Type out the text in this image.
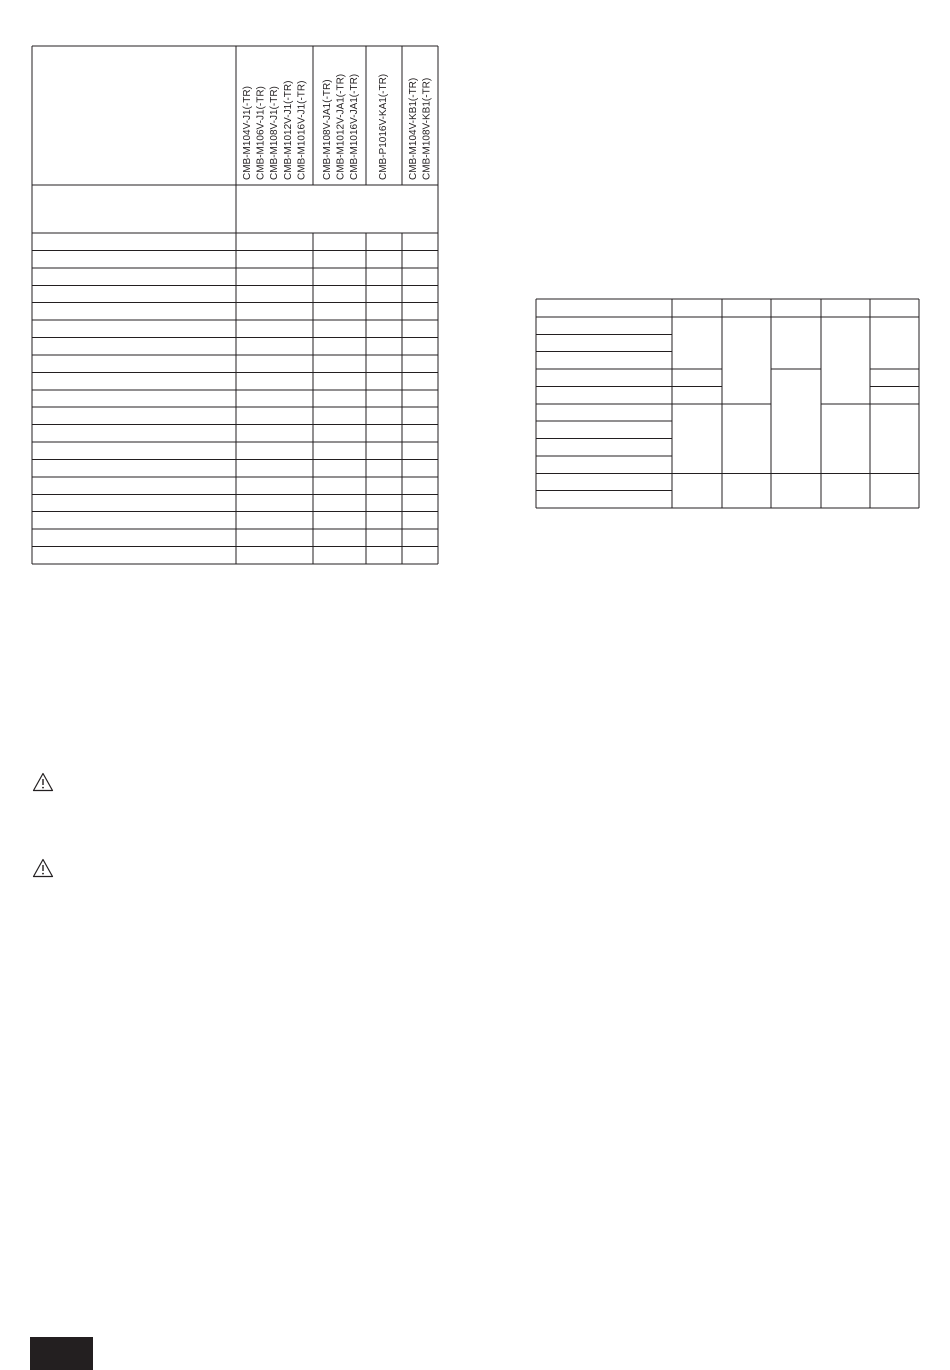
CMB-M104V-J1(-TR) CMB-M106V-J1(-TR) CMB-M108V-J1(-TR) CMB-M1012V-J1(-TR) CMB-M1016V-J1(-TR) CMB-M108V-JA1(-TR) CMB-M1012V-JA1(-TR) CMB-M1016V-JA1(-TR) CMB-P1016V-KA1(-TR) CMB-M104V-KB1(-TR) CMB-M108V-KB1(-TR)
